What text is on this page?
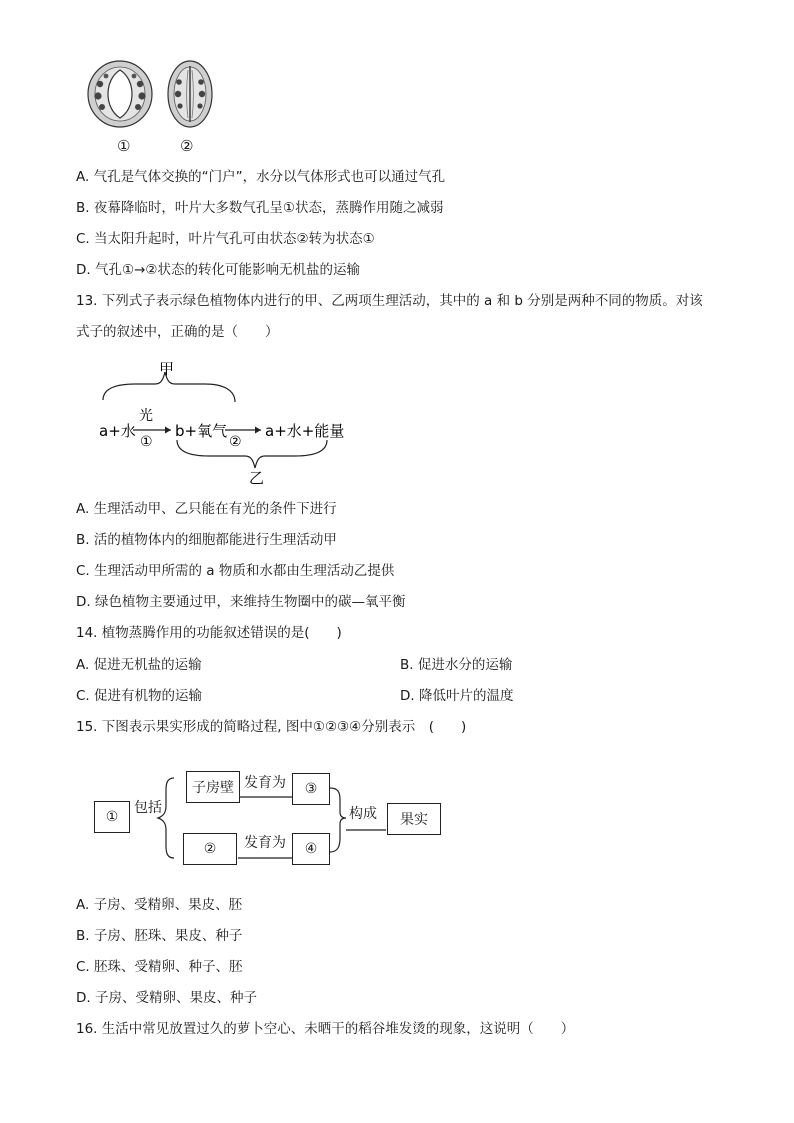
①	②
A. 气孔是气体交换的“门户”，水分以气体形式也可以通过气孔
B. 夜幕降临时，叶片大多数气孔呈①状态，蒸腾作用随之减弱
C. 当太阳升起时，叶片气孔可由状态②转为状态①
D. 气孔①→②状态的转化可能影响无机盐的运输
13. 下列式子表示绿色植物体内进行的甲、乙两项生理活动，其中的 a 和 b 分别是两种不同的物质。对该
式子的叙述中，正确的是（　　）
甲
a+水
光
①
b+氧气
②
a+水+能量
乙
A. 生理活动甲、乙只能在有光的条件下进行
B. 活的植物体内的细胞都能进行生理活动甲
C. 生理活动甲所需的 a 物质和水都由生理活动乙提供
D. 绿色植物主要通过甲，来维持生物圈中的碳—氧平衡
14. 植物蒸腾作用的功能叙述错误的是(　　)
A. 促进无机盐的运输	B. 促进水分的运输
C. 促进有机物的运输	D. 降低叶片的温度
15. 下图表示果实形成的简略过程, 图中①②③④分别表示　(　　)
①
包括
子房壁 发育为	③
②	发育为	④
构成	果实
A. 子房、受精卵、果皮、胚
B. 子房、胚珠、果皮、种子
C. 胚珠、受精卵、种子、胚
D. 子房、受精卵、果皮、种子
16. 生活中常见放置过久的萝卜空心、未晒干的稻谷堆发烫的现象，这说明（　　）
